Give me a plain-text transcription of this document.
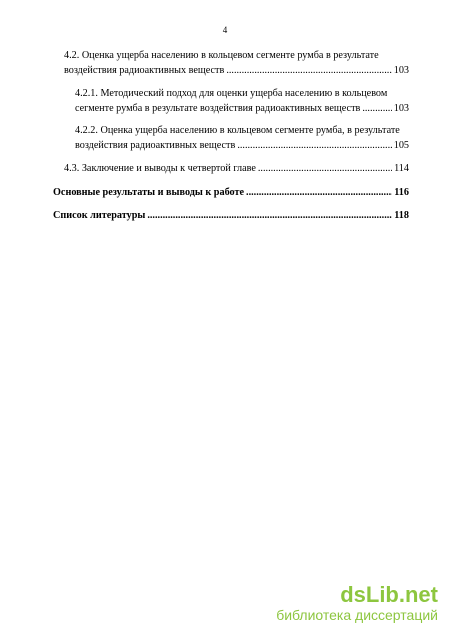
4
4.2. Оценка ущерба населению в кольцевом сегменте румба в результате
воздействия радиоактивных веществ .....	103
4.2.1. Методический подход для оценки ущерба населению в кольцевом
сегменте румба в результате воздействия радиоактивных веществ .....	103
4.2.2. Оценка ущерба населению в кольцевом сегменте румба, в результате
воздействия радиоактивных веществ .....	105
4.3. Заключение и выводы к четвертой главе .....	114
Основные результаты и выводы к работе .....	116
Список литературы .....	118
dsLib.net
библиотека диссертаций
